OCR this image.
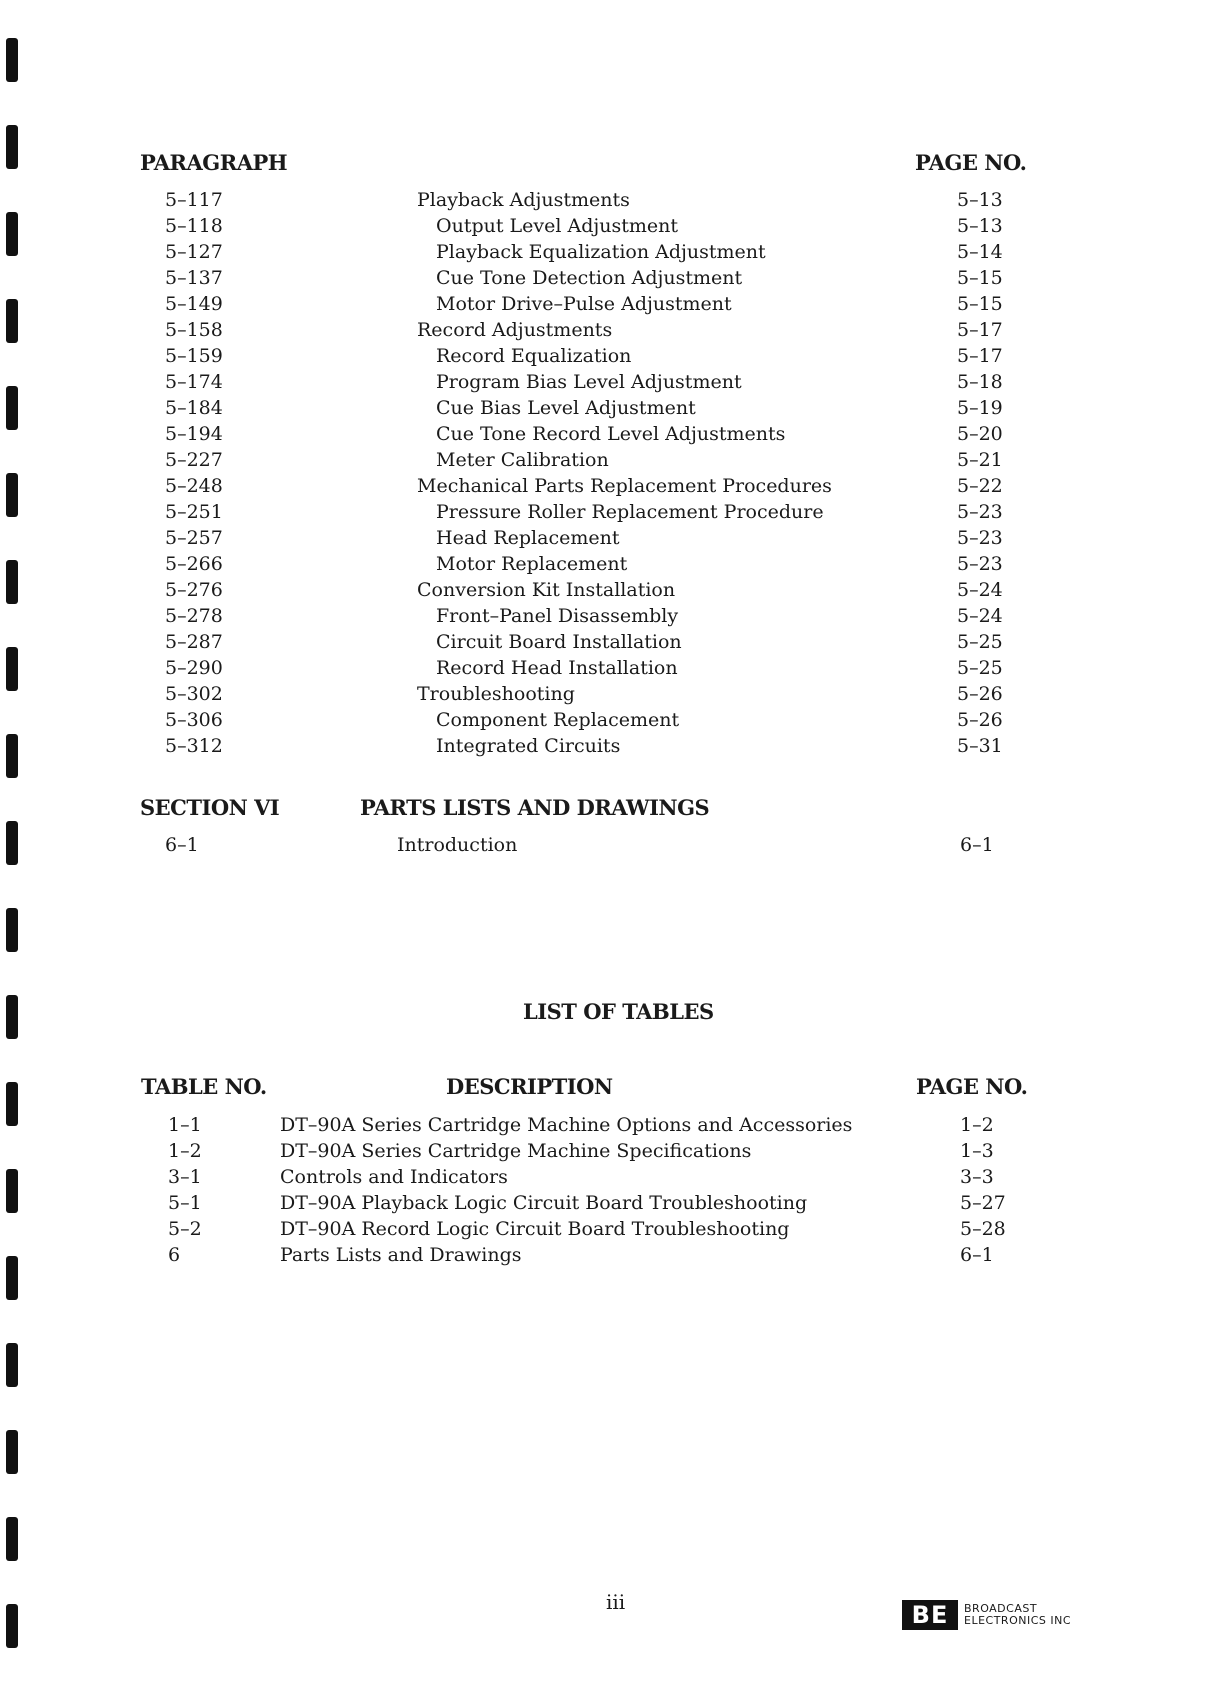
PARAGRAPH	PAGE NO.
5–117	Playback Adjustments	5–13
5–118	Output Level Adjustment	5–13
5–127	Playback Equalization Adjustment	5–14
5–137	Cue Tone Detection Adjustment	5–15
5–149	Motor Drive–Pulse Adjustment	5–15
5–158	Record Adjustments	5–17
5–159	Record Equalization	5–17
5–174	Program Bias Level Adjustment	5–18
5–184	Cue Bias Level Adjustment	5–19
5–194	Cue Tone Record Level Adjustments	5–20
5–227	Meter Calibration	5–21
5–248	Mechanical Parts Replacement Procedures	5–22
5–251	Pressure Roller Replacement Procedure	5–23
5–257	Head Replacement	5–23
5–266	Motor Replacement	5–23
5–276	Conversion Kit Installation	5–24
5–278	Front–Panel Disassembly	5–24
5–287	Circuit Board Installation	5–25
5–290	Record Head Installation	5–25
5–302	Troubleshooting	5–26
5–306	Component Replacement	5–26
5–312	Integrated Circuits	5–31
SECTION VI	PARTS LISTS AND DRAWINGS
6–1	Introduction	6–1
LIST OF TABLES
TABLE NO.	DESCRIPTION	PAGE NO.
1–1	DT–90A Series Cartridge Machine Options and Accessories	1–2
1–2	DT–90A Series Cartridge Machine Specifications	1–3
3–1	Controls and Indicators	3–3
5–1	DT–90A Playback Logic Circuit Board Troubleshooting	5–27
5–2	DT–90A Record Logic Circuit Board Troubleshooting	5–28
6	Parts Lists and Drawings	6–1
iii	BE	BROADCAST
ELECTRONICS INC
